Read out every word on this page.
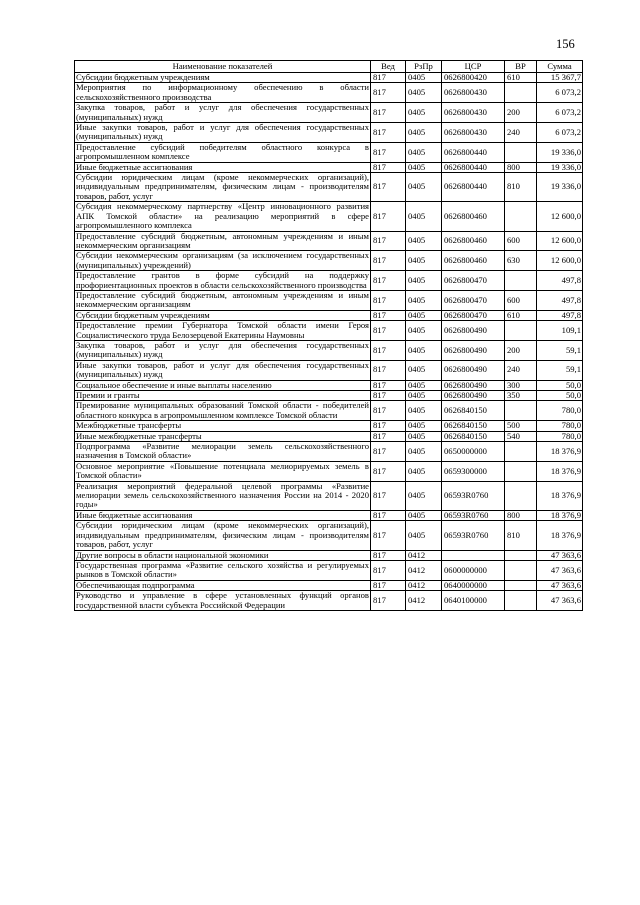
156
Наименование показателей	Вед	РзПр	ЦСР	ВР	Сумма
Субсидии бюджетным учреждениям	817	0405	0626800420	610	15 367,7
Мероприятия по информационному обеспечению в области сельскохозяйственного производства	817	0405	0626800430		6 073,2
Закупка товаров, работ и услуг для обеспечения государственных (муниципальных) нужд	817	0405	0626800430	200	6 073,2
Иные закупки товаров, работ и услуг для обеспечения государственных (муниципальных) нужд	817	0405	0626800430	240	6 073,2
Предоставление субсидий победителям областного конкурса в агропромышленном комплексе	817	0405	0626800440		19 336,0
Иные бюджетные ассигнования	817	0405	0626800440	800	19 336,0
Субсидии юридическим лицам (кроме некоммерческих организаций), индивидуальным предпринимателям, физическим лицам - производителям товаров, работ, услуг	817	0405	0626800440	810	19 336,0
Субсидия некоммерческому партнерству «Центр инновационного развития АПК Томской области» на реализацию мероприятий в сфере агропромышленного комплекса	817	0405	0626800460		12 600,0
Предоставление субсидий бюджетным, автономным учреждениям и иным некоммерческим организациям	817	0405	0626800460	600	12 600,0
Субсидии некоммерческим организациям (за исключением государственных (муниципальных) учреждений)	817	0405	0626800460	630	12 600,0
Предоставление грантов в форме субсидий на поддержку профориентационных проектов в области сельскохозяйственного производства	817	0405	0626800470		497,8
Предоставление субсидий бюджетным, автономным учреждениям и иным некоммерческим организациям	817	0405	0626800470	600	497,8
Субсидии бюджетным учреждениям	817	0405	0626800470	610	497,8
Предоставление премии Губернатора Томской области имени Героя Социалистического труда Белозерцевой Екатерины Наумовны	817	0405	0626800490		109,1
Закупка товаров, работ и услуг для обеспечения государственных (муниципальных) нужд	817	0405	0626800490	200	59,1
Иные закупки товаров, работ и услуг для обеспечения государственных (муниципальных) нужд	817	0405	0626800490	240	59,1
Социальное обеспечение и иные выплаты населению	817	0405	0626800490	300	50,0
Премии и гранты	817	0405	0626800490	350	50,0
Премирование муниципальных образований Томской области - победителей областного конкурса в агропромышленном комплексе Томской области	817	0405	0626840150		780,0
Межбюджетные трансферты	817	0405	0626840150	500	780,0
Иные межбюджетные трансферты	817	0405	0626840150	540	780,0
Подпрограмма «Развитие мелиорации земель сельскохозяйственного назначения в Томской области»	817	0405	0650000000		18 376,9
Основное мероприятие «Повышение потенциала мелиорируемых земель в Томской области»	817	0405	0659300000		18 376,9
Реализация мероприятий федеральной целевой программы «Развитие мелиорации земель сельскохозяйственного назначения России на 2014 - 2020 годы»	817	0405	06593R0760		18 376,9
Иные бюджетные ассигнования	817	0405	06593R0760	800	18 376,9
Субсидии юридическим лицам (кроме некоммерческих организаций), индивидуальным предпринимателям, физическим лицам - производителям товаров, работ, услуг	817	0405	06593R0760	810	18 376,9
Другие вопросы в области национальной экономики	817	0412			47 363,6
Государственная программа «Развитие сельского хозяйства и регулируемых рынков в Томской области»	817	0412	0600000000		47 363,6
Обеспечивающая подпрограмма	817	0412	0640000000		47 363,6
Руководство и управление в сфере установленных функций органов государственной власти субъекта Российской Федерации	817	0412	0640100000		47 363,6
